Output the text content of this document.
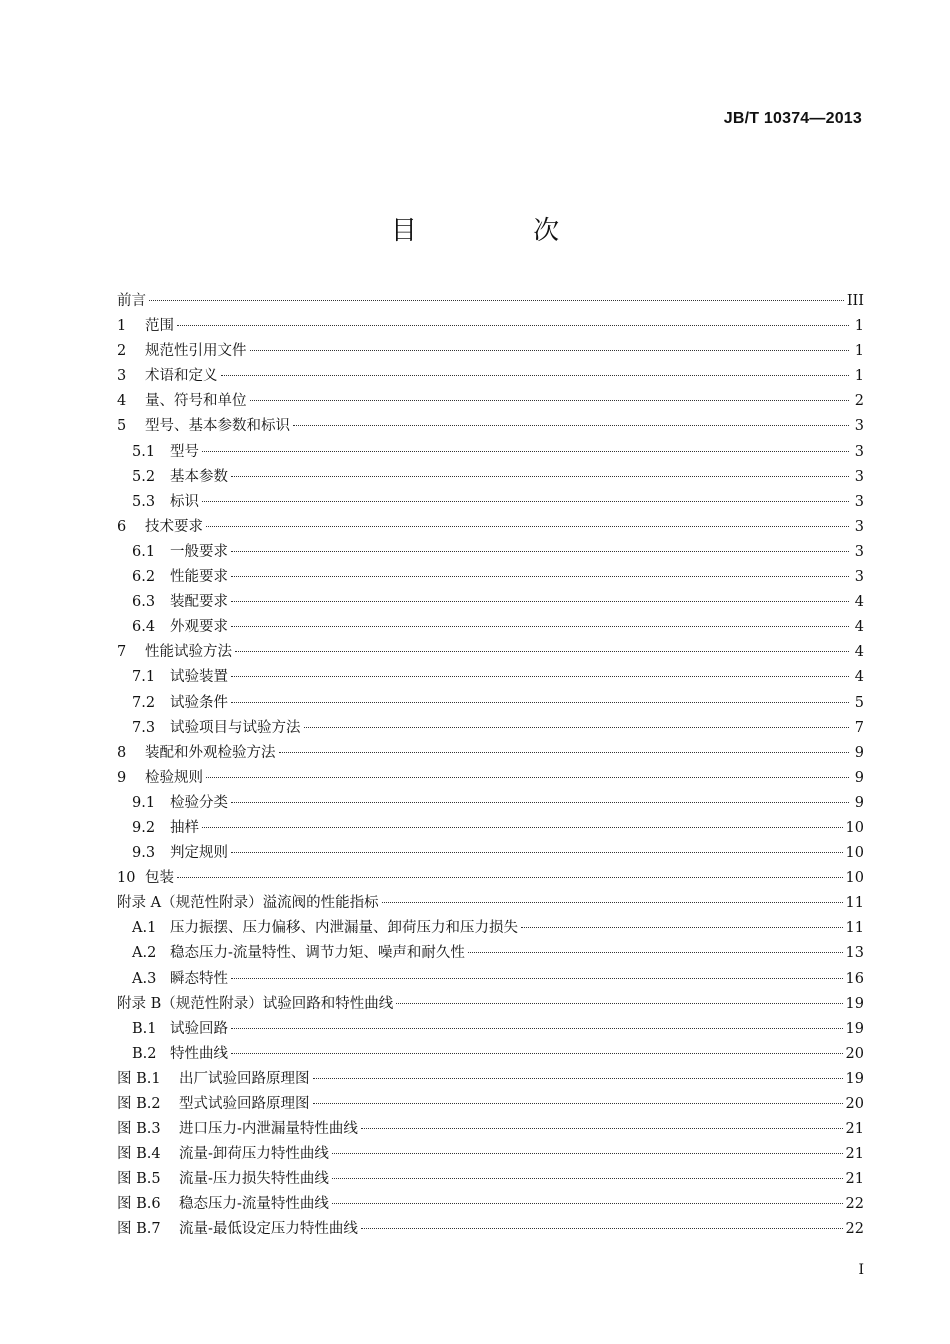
JB/T 10374—2013
目 次
前言	III
1	范围	1
2	规范性引用文件	1
3	术语和定义	1
4	量、符号和单位	2
5	型号、基本参数和标识	3
5.1	型号	3
5.2	基本参数	3
5.3	标识	3
6	技术要求	3
6.1	一般要求	3
6.2	性能要求	3
6.3	装配要求	4
6.4	外观要求	4
7	性能试验方法	4
7.1	试验装置	4
7.2	试验条件	5
7.3	试验项目与试验方法	7
8	装配和外观检验方法	9
9	检验规则	9
9.1	检验分类	9
9.2	抽样	10
9.3	判定规则	10
10 包装	10
附录 A（规范性附录）溢流阀的性能指标	11
A.1 压力振摆、压力偏移、内泄漏量、卸荷压力和压力损失	11
A.2 稳态压力-流量特性、调节力矩、噪声和耐久性	13
A.3 瞬态特性	16
附录 B（规范性附录）试验回路和特性曲线	19
B.1 试验回路	19
B.2 特性曲线	20
图 B.1	出厂试验回路原理图	19
图 B.2	型式试验回路原理图	20
图 B.3	进口压力-内泄漏量特性曲线	21
图 B.4	流量-卸荷压力特性曲线	21
图 B.5	流量-压力损失特性曲线	21
图 B.6	稳态压力-流量特性曲线	22
图 B.7	流量-最低设定压力特性曲线	22
I
